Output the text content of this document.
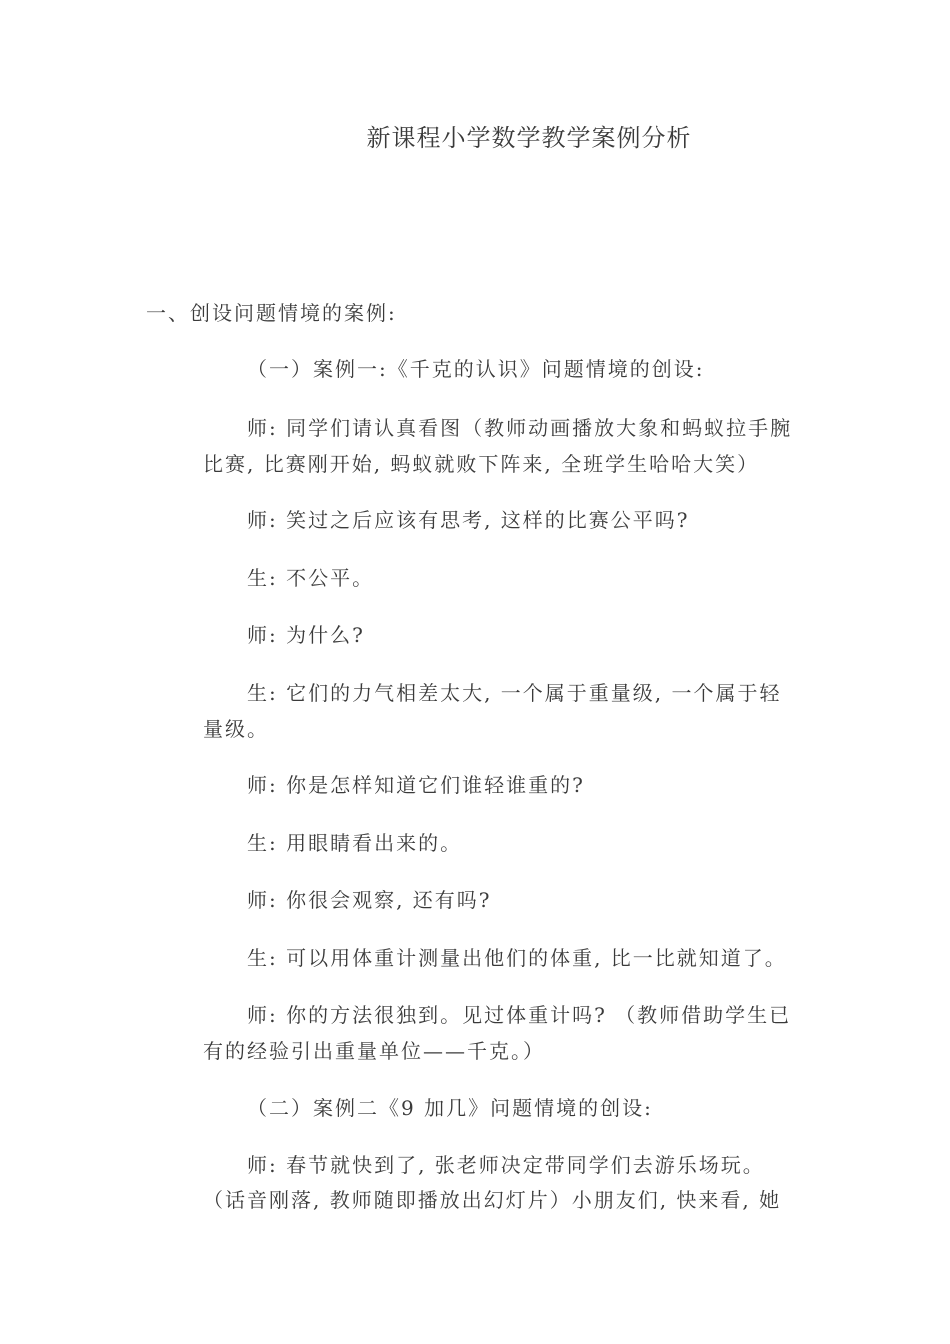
新课程小学数学教学案例分析
一、创设问题情境的案例:
（一）案例一:《千克的认识》问题情境的创设:
师: 同学们请认真看图（教师动画播放大象和蚂蚁拉手腕
比赛, 比赛刚开始, 蚂蚁就败下阵来, 全班学生哈哈大笑）
师: 笑过之后应该有思考, 这样的比赛公平吗?
生: 不公平。
师: 为什么?
生: 它们的力气相差太大, 一个属于重量级, 一个属于轻
量级。
师: 你是怎样知道它们谁轻谁重的?
生: 用眼睛看出来的。
师: 你很会观察, 还有吗?
生: 可以用体重计测量出他们的体重, 比一比就知道了。
师: 你的方法很独到。见过体重计吗? （教师借助学生已
有的经验引出重量单位——千克。）
（二）案例二《9 加几》问题情境的创设:
师: 春节就快到了, 张老师决定带同学们去游乐场玩。
（话音刚落, 教师随即播放出幻灯片）小朋友们, 快来看, 她
